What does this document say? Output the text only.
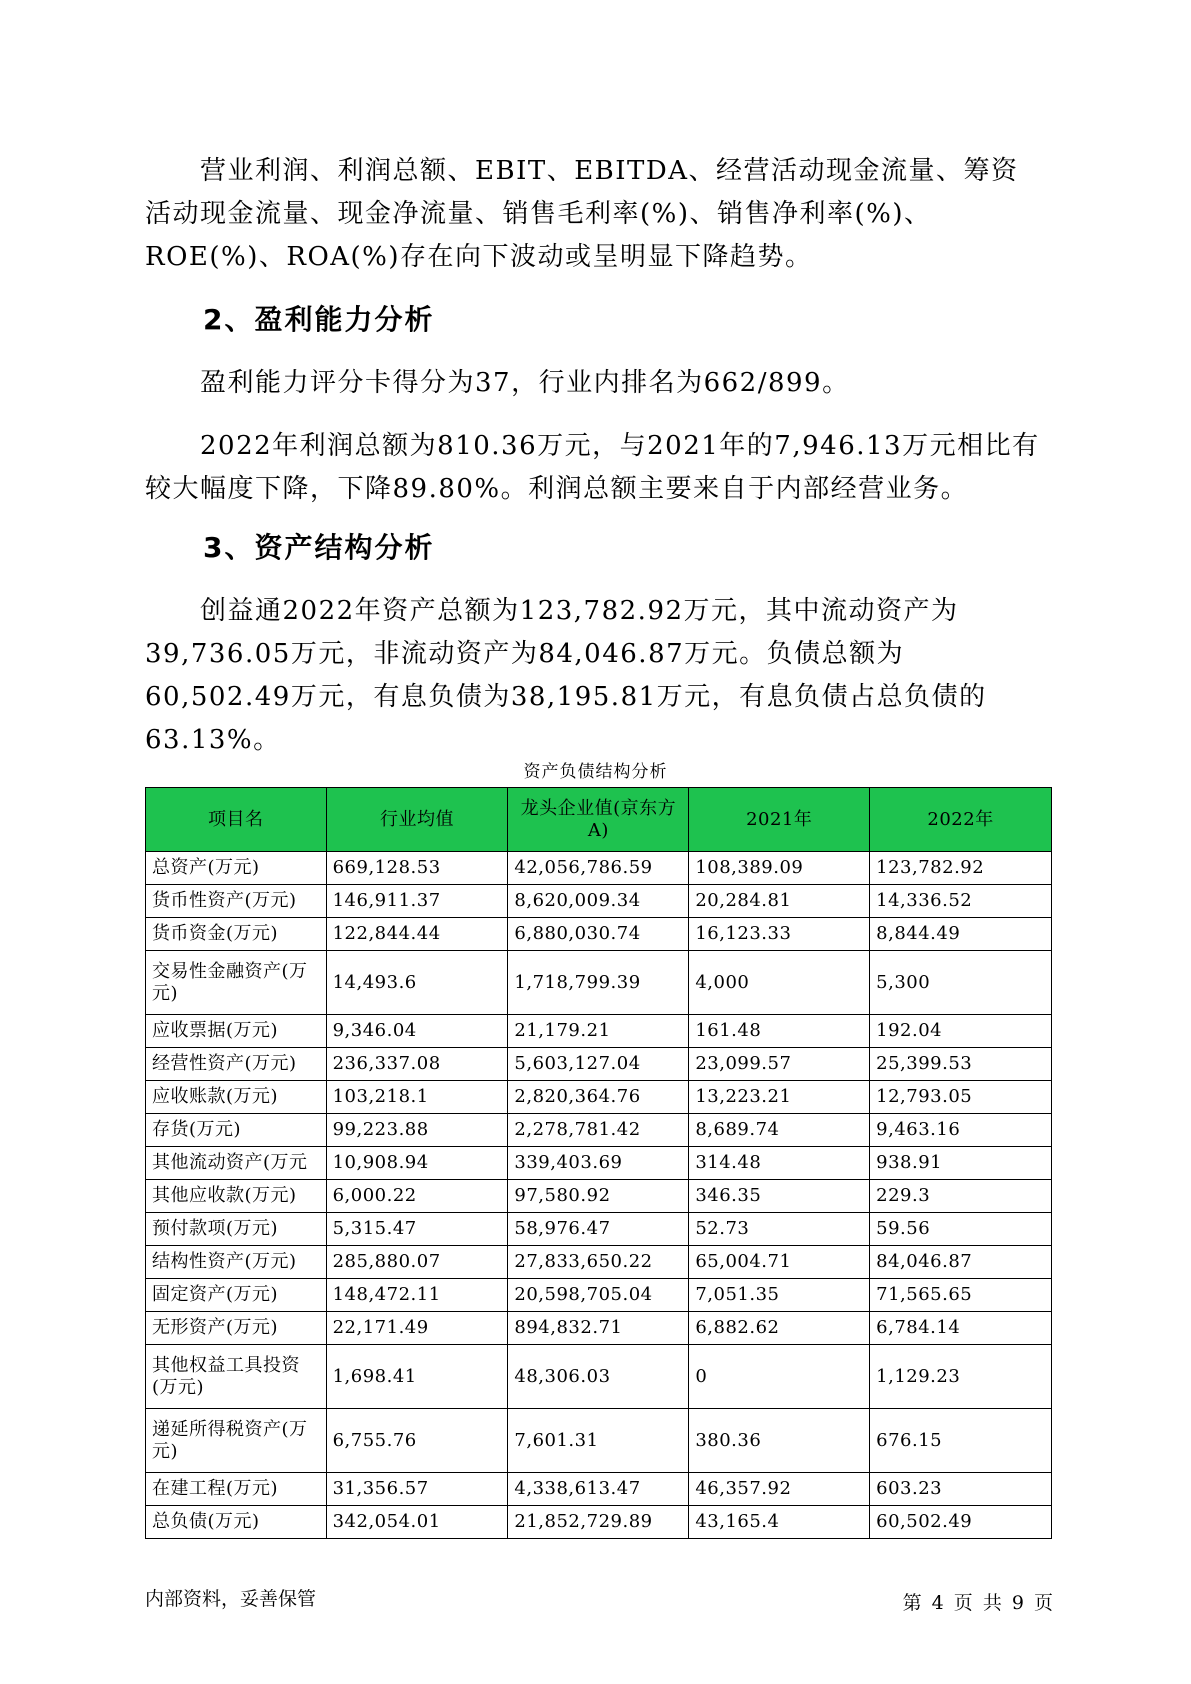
营业利润、利润总额、EBIT、EBITDA、经营活动现金流量、筹资活动现金流量、现金净流量、销售毛利率(%)、销售净利率(%)、ROE(%)、ROA(%)存在向下波动或呈明显下降趋势。
2、盈利能力分析
盈利能力评分卡得分为37，行业内排名为662/899。
2022年利润总额为810.36万元，与2021年的7,946.13万元相比有较大幅度下降，下降89.80%。利润总额主要来自于内部经营业务。
3、资产结构分析
创益通2022年资产总额为123,782.92万元，其中流动资产为39,736.05万元，非流动资产为84,046.87万元。负债总额为60,502.49万元，有息负债为38,195.81万元，有息负债占总负债的63.13%。
资产负债结构分析
项目名	行业均值	龙头企业值(京东方A)	2021年	2022年
总资产(万元)	669,128.53	42,056,786.59	108,389.09	123,782.92
货币性资产(万元)	146,911.37	8,620,009.34	20,284.81	14,336.52
货币资金(万元)	122,844.44	6,880,030.74	16,123.33	8,844.49
交易性金融资产(万元)	14,493.6	1,718,799.39	4,000	5,300
应收票据(万元)	9,346.04	21,179.21	161.48	192.04
经营性资产(万元)	236,337.08	5,603,127.04	23,099.57	25,399.53
应收账款(万元)	103,218.1	2,820,364.76	13,223.21	12,793.05
存货(万元)	99,223.88	2,278,781.42	8,689.74	9,463.16
其他流动资产(万元	10,908.94	339,403.69	314.48	938.91
其他应收款(万元)	6,000.22	97,580.92	346.35	229.3
预付款项(万元)	5,315.47	58,976.47	52.73	59.56
结构性资产(万元)	285,880.07	27,833,650.22	65,004.71	84,046.87
固定资产(万元)	148,472.11	20,598,705.04	7,051.35	71,565.65
无形资产(万元)	22,171.49	894,832.71	6,882.62	6,784.14
其他权益工具投资(万元)	1,698.41	48,306.03	0	1,129.23
递延所得税资产(万元)	6,755.76	7,601.31	380.36	676.15
在建工程(万元)	31,356.57	4,338,613.47	46,357.92	603.23
总负债(万元)	342,054.01	21,852,729.89	43,165.4	60,502.49
内部资料，妥善保管	第 4 页 共 9 页
